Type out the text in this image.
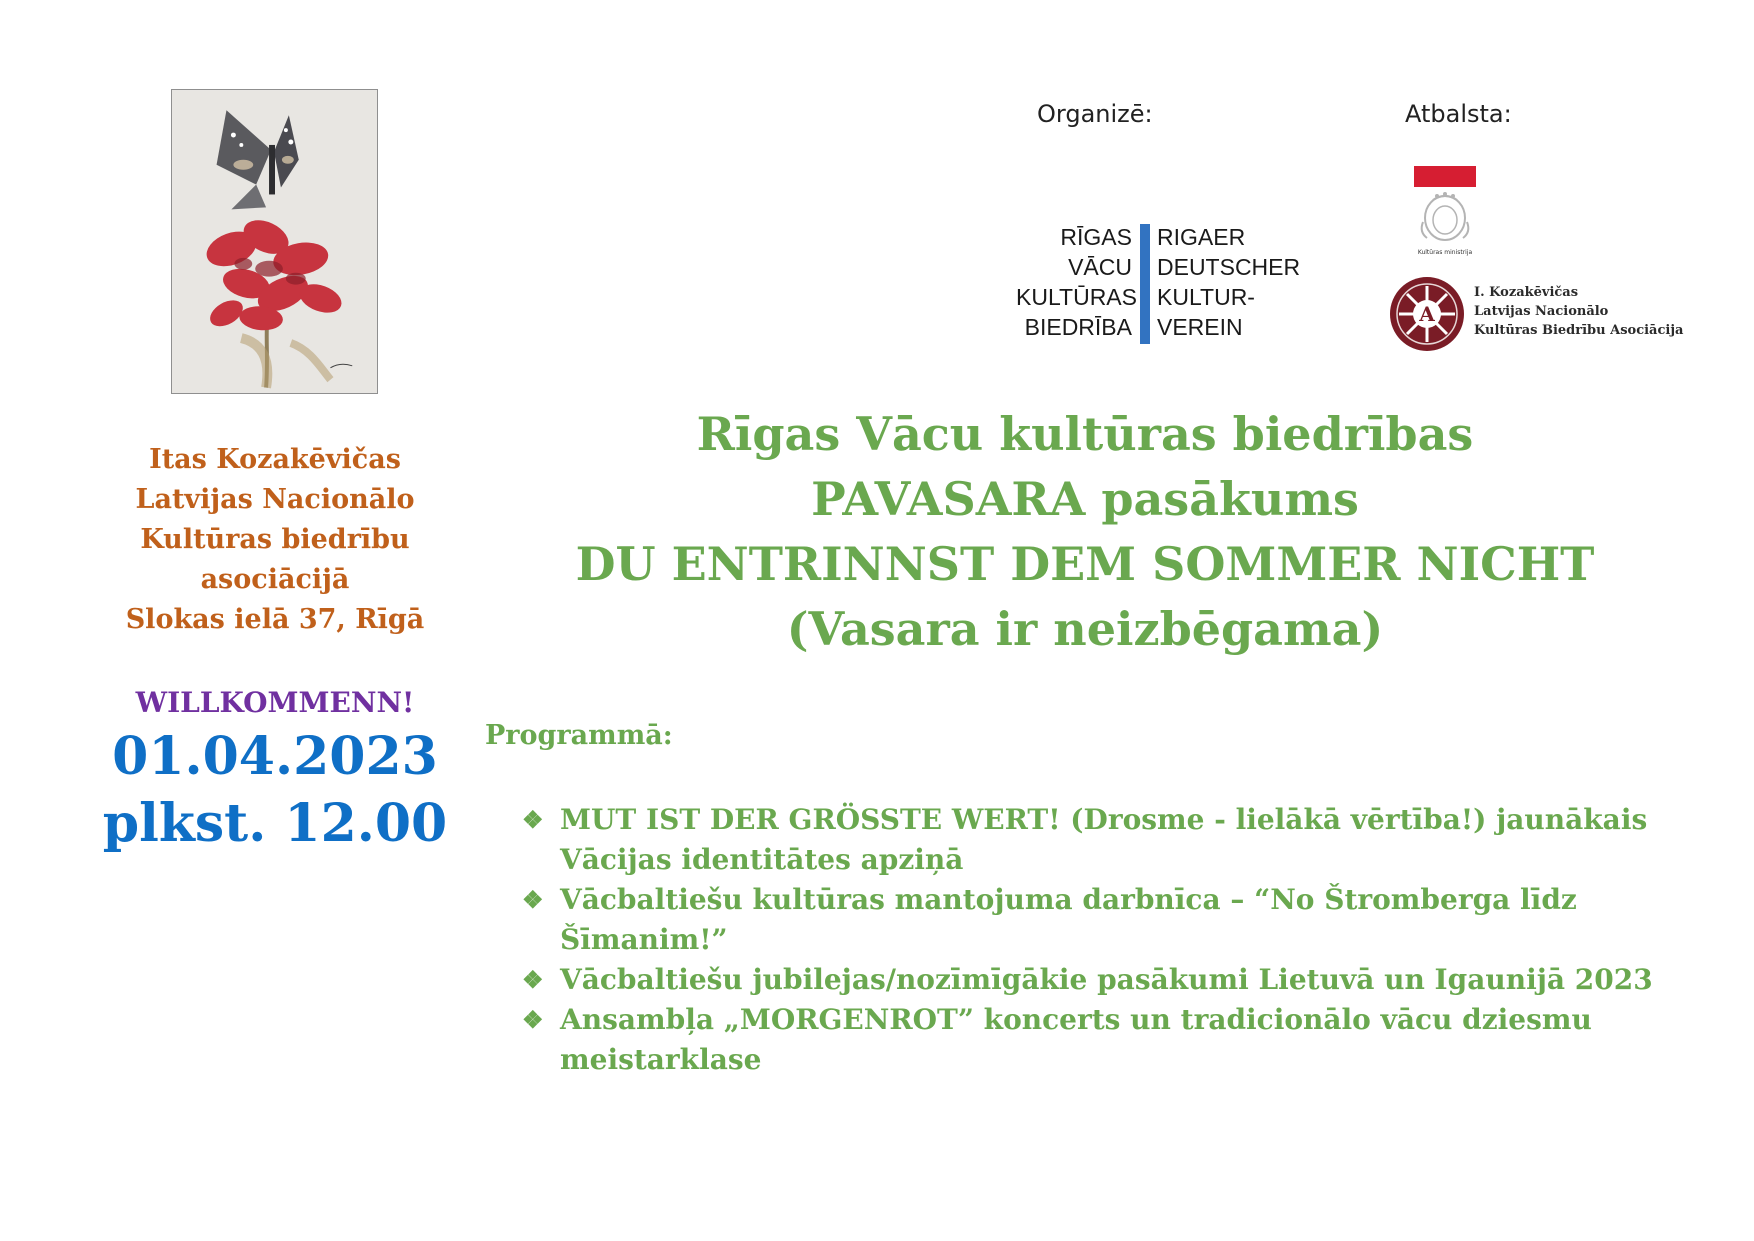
Itas Kozakēvičas
Latvijas Nacionālo
Kultūras biedrību
asociācijā
Slokas ielā 37, Rīgā
WILLKOMMENN!
01.04.2023
plkst. 12.00
Organizē:
RĪGAS
VĀCU
KULTŪRAS
BIEDRĪBA
RIGAER
DEUTSCHER
KULTUR-
VEREIN
Atbalsta:
Kultūras ministrija
A
I. Kozakēvičas
Latvijas Nacionālo
Kultūras Biedrību Asociācija
Rīgas Vācu kultūras biedrības
PAVASARA pasākums
DU ENTRINNST DEM SOMMER NICHT
(Vasara ir neizbēgama)
Programmā:
❖ MUT IST DER GRÖSSTE WERT! (Drosme - lielākā vērtība!) jaunākais Vācijas identitātes apziņā
❖ Vācbaltiešu kultūras mantojuma darbnīca – “No Štromberga līdz Šīmanim!”
❖ Vācbaltiešu jubilejas/nozīmīgākie pasākumi Lietuvā un Igaunijā 2023
❖ Ansambļa „MORGENROT” koncerts un tradicionālo vācu dziesmu meistarklase
